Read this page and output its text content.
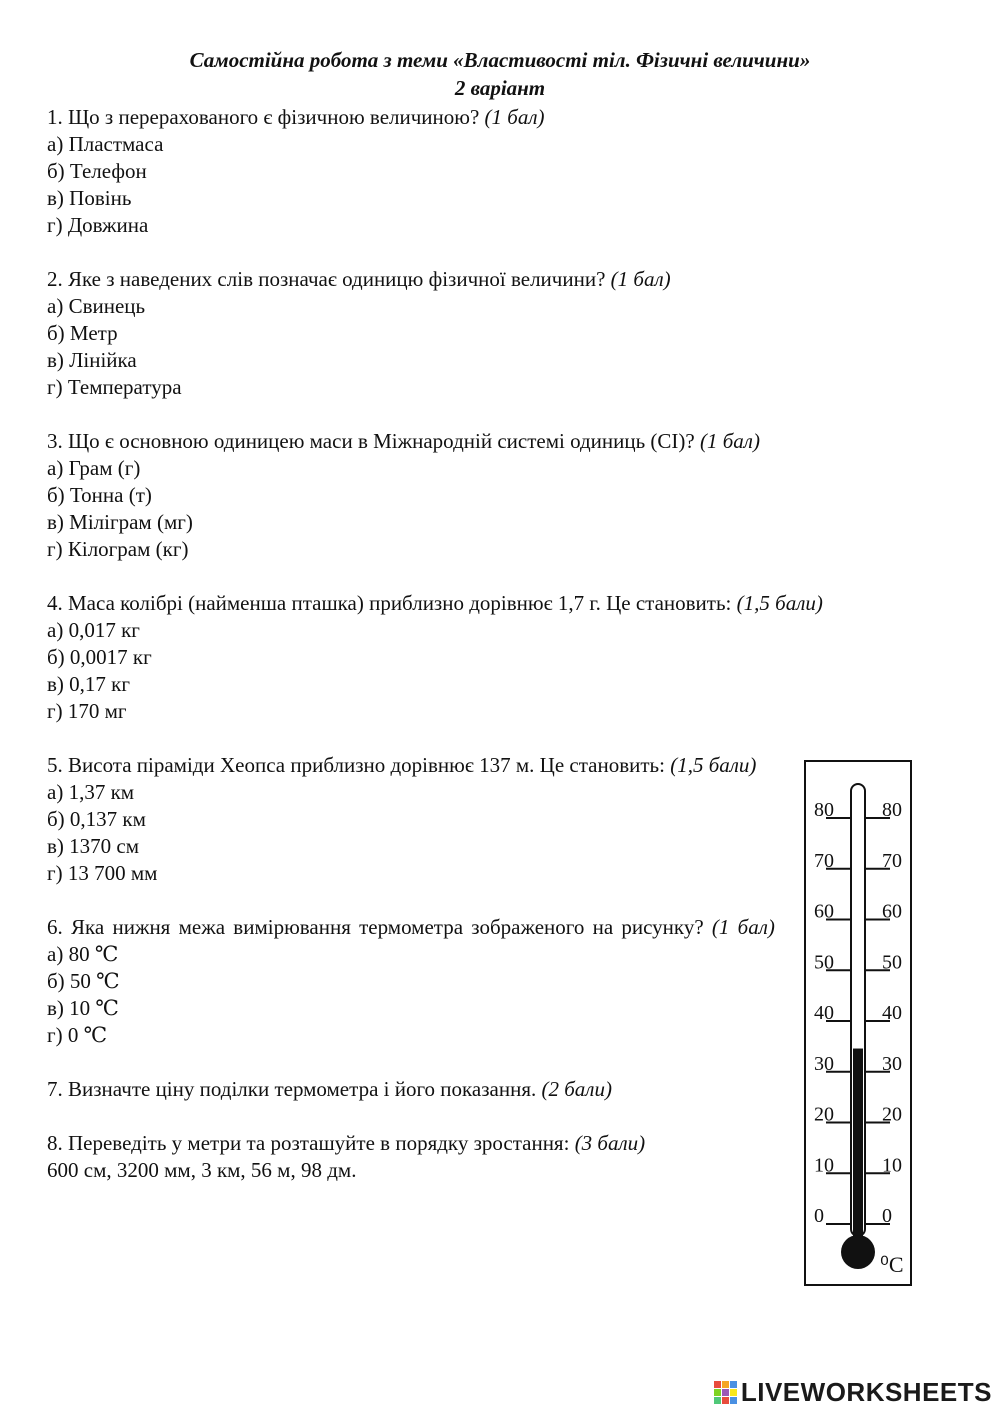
Самостійна робота з теми «Властивості тіл. Фізичні величини»
2 варіант
1. Що з перерахованого є фізичною величиною? (1 бал)
а) Пластмаса
б) Телефон
в) Повінь
г) Довжина
2. Яке з наведених слів позначає одиницю фізичної величини? (1 бал)
а) Свинець
б) Метр
в) Лінійка
г) Температура
3. Що є основною одиницею маси в Міжнародній системі одиниць (СІ)? (1 бал)
а) Грам (г)
б) Тонна (т)
в) Міліграм (мг)
г) Кілограм (кг)
4. Маса колібрі (найменша пташка) приблизно дорівнює 1,7 г. Це становить: (1,5 бали)
а) 0,017 кг
б) 0,0017 кг
в) 0,17 кг
г) 170 мг
5. Висота піраміди Хеопса приблизно дорівнює 137 м. Це становить: (1,5 бали)
а) 1,37 км
б) 0,137 км
в) 1370 см
г) 13 700 мм
6. Яка нижня межа вимірювання термометра зображеного на рисунку? (1 бал)
а) 80 ℃
б) 50 ℃
в) 10 ℃
г) 0 ℃
7. Визначте ціну поділки термометра і його показання. (2 бали)
8. Переведіть у метри та розташуйте в порядку зростання: (3 бали)
600 см, 3200 мм, 3 км, 56 м, 98 дм.
80 80
70 70
60 60
50 50
40 40
30 30
20 20
10 10
0	0
⁰С
LIVEWORKSHEETS
